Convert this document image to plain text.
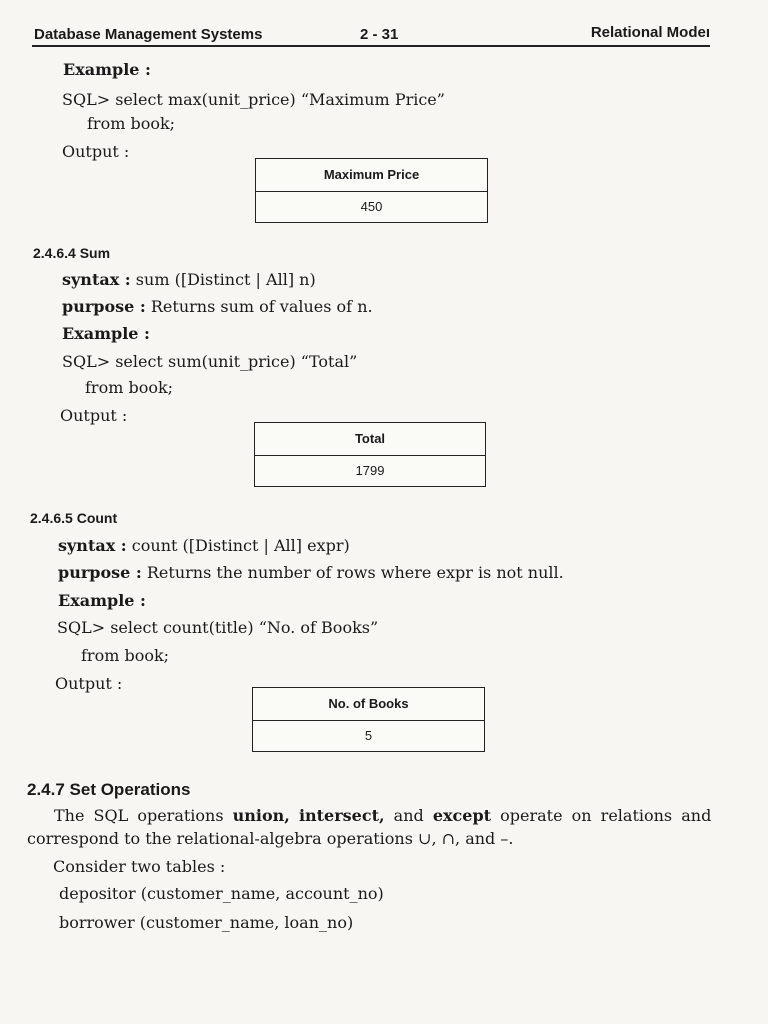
Database Management Systems	2 - 31	Relational Modeı
Example :
SQL> select max(unit_price) “Maximum Price”
from book;
Output :
Maximum Price
450
2.4.6.4 Sum
syntax : sum ([Distinct | All] n)
purpose : Returns sum of values of n.
Example :
SQL> select sum(unit_price) “Total”
from book;
Output :
Total
1799
2.4.6.5 Count
syntax : count ([Distinct | All] expr)
purpose : Returns the number of rows where expr is not null.
Example :
SQL> select count(title) “No. of Books”
from book;
Output :
No. of Books
5
2.4.7 Set Operations
The SQL operations union, intersect, and except operate on relations and
correspond to the relational-algebra operations ∪, ∩, and –.
Consider two tables :
depositor (customer_name, account_no)
borrower (customer_name, loan_no)
